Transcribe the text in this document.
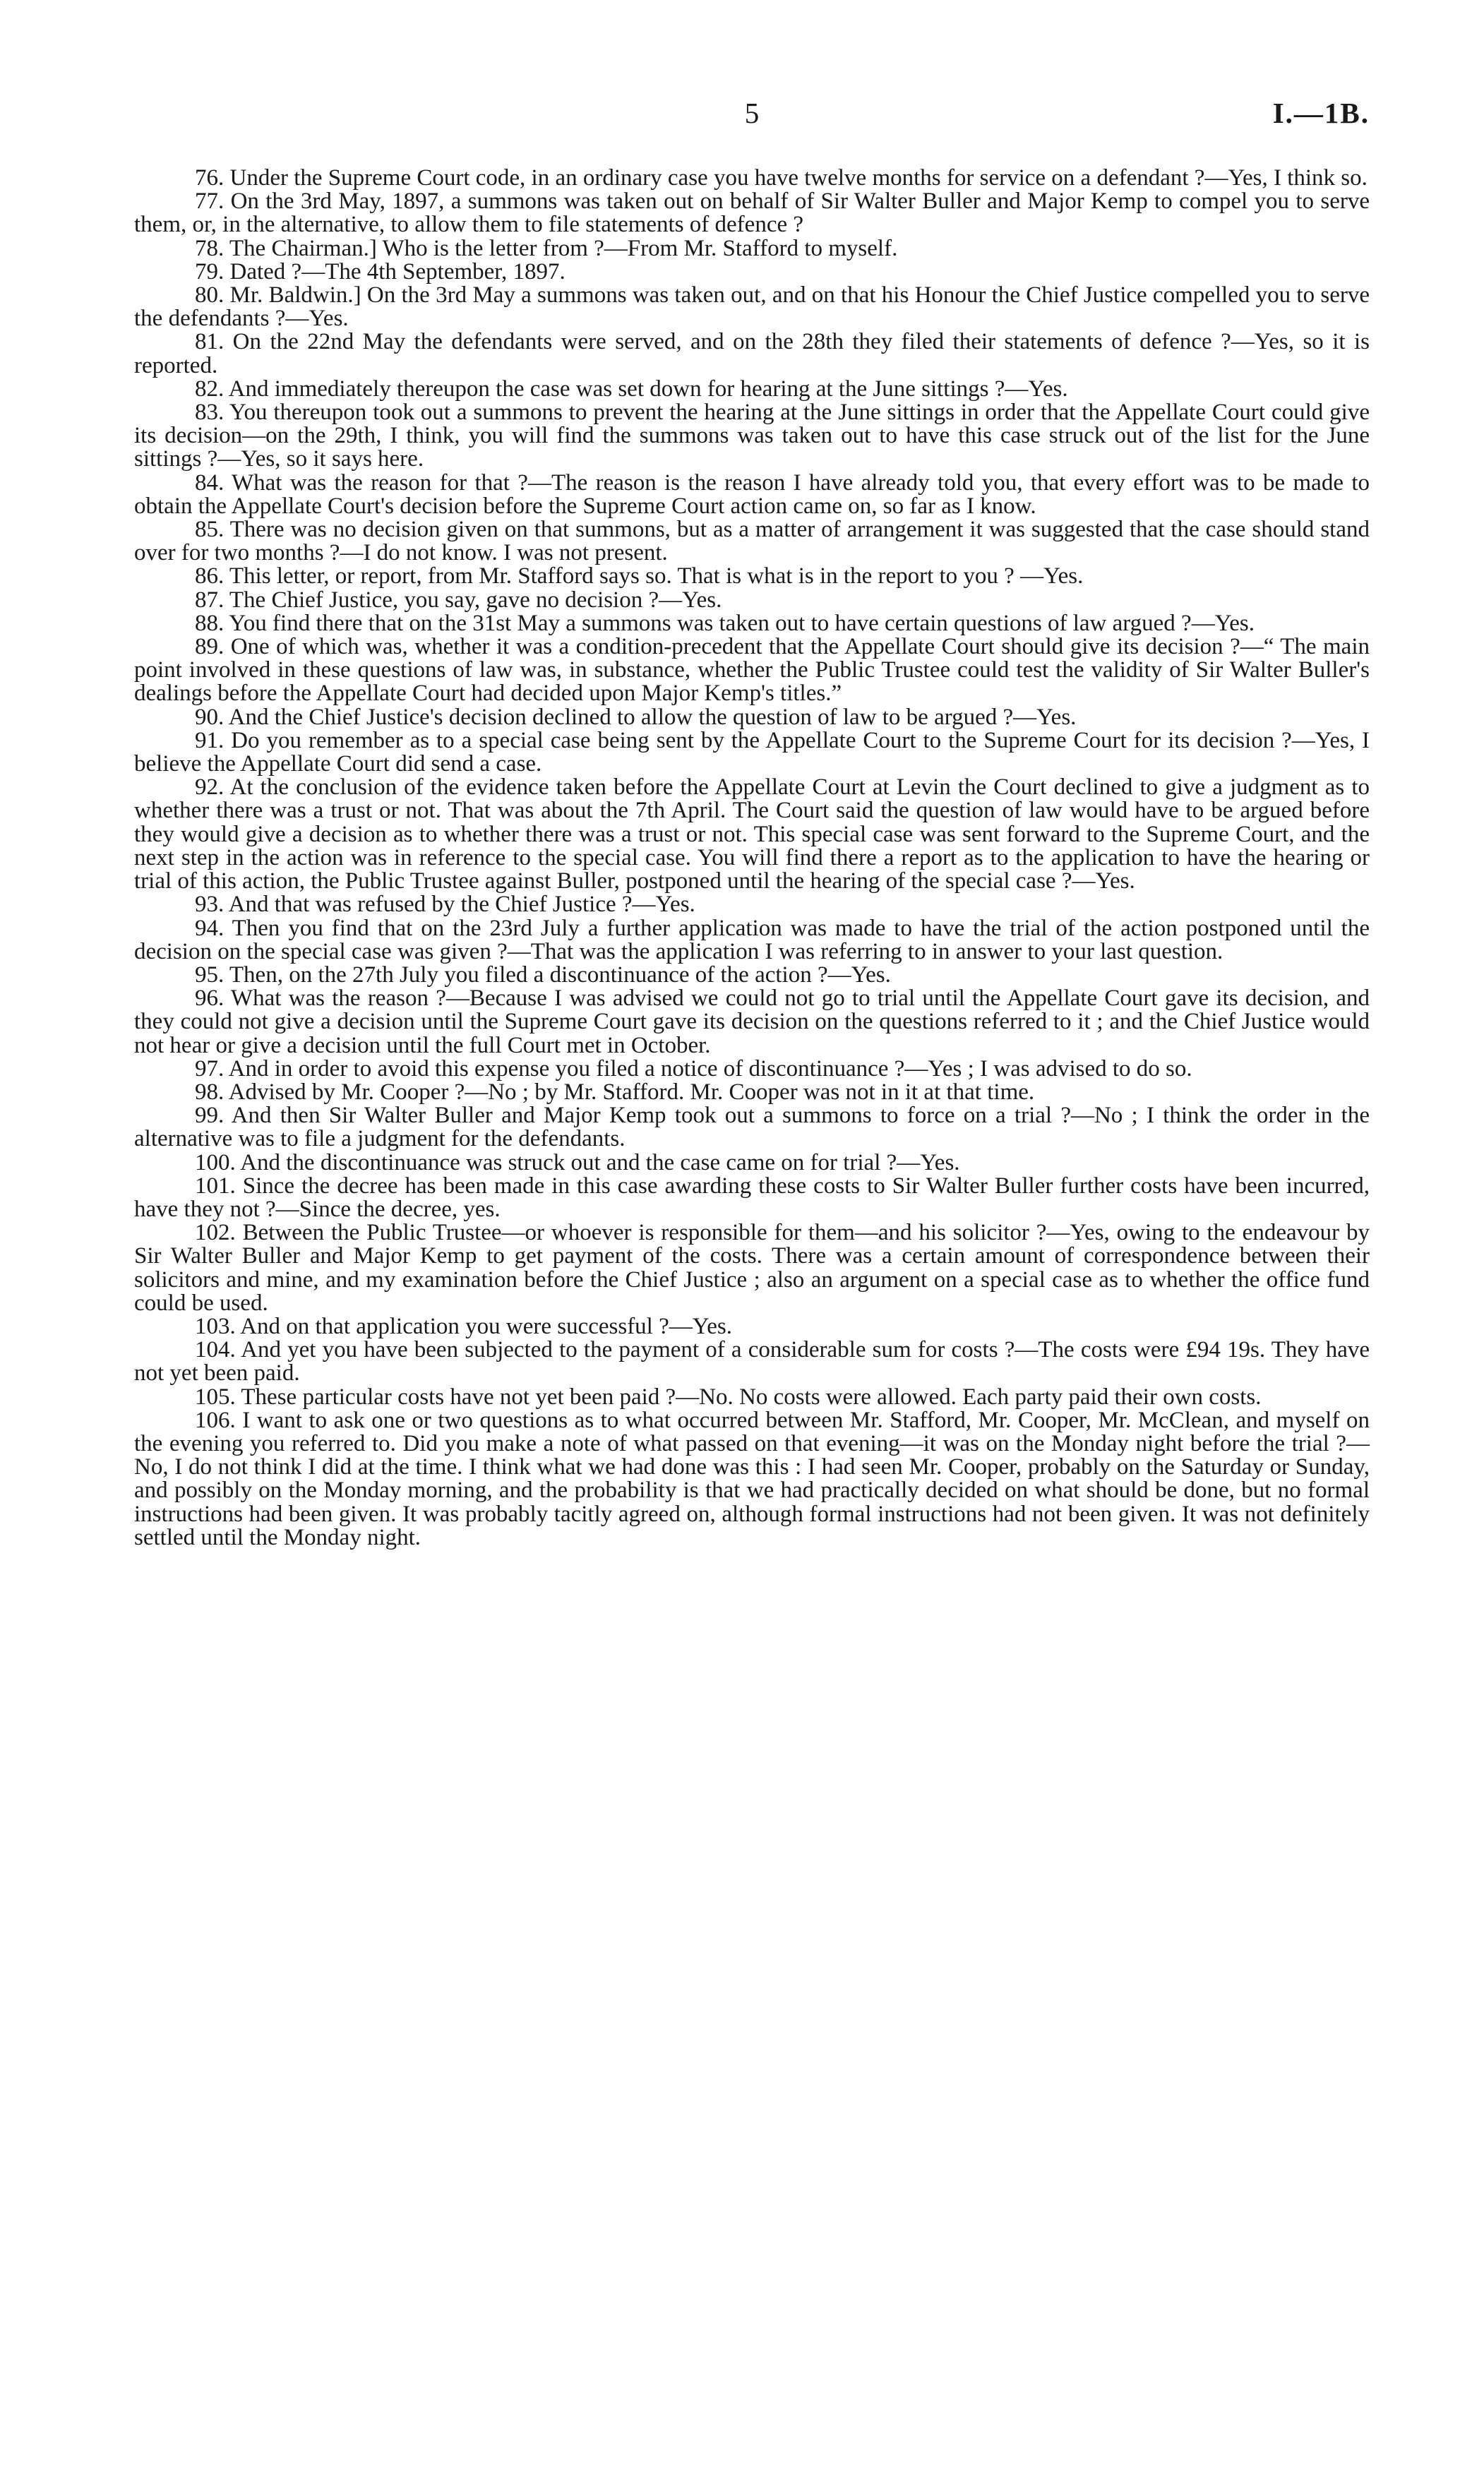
5	I.—1B.

76. Under the Supreme Court code, in an ordinary case you have twelve months for service on a defendant ?—Yes, I think so.

77. On the 3rd May, 1897, a summons was taken out on behalf of Sir Walter Buller and Major Kemp to compel you to serve them, or, in the alternative, to allow them to file statements of defence ?

78. The Chairman.] Who is the letter from ?—From Mr. Stafford to myself.

79. Dated ?—The 4th September, 1897.

80. Mr. Baldwin.] On the 3rd May a summons was taken out, and on that his Honour the Chief Justice compelled you to serve the defendants ?—Yes.

81. On the 22nd May the defendants were served, and on the 28th they filed their statements of defence ?—Yes, so it is reported.

82. And immediately thereupon the case was set down for hearing at the June sittings ?—Yes.

83. You thereupon took out a summons to prevent the hearing at the June sittings in order that the Appellate Court could give its decision—on the 29th, I think, you will find the summons was taken out to have this case struck out of the list for the June sittings ?—Yes, so it says here.

84. What was the reason for that ?—The reason is the reason I have already told you, that every effort was to be made to obtain the Appellate Court's decision before the Supreme Court action came on, so far as I know.

85. There was no decision given on that summons, but as a matter of arrangement it was suggested that the case should stand over for two months ?—I do not know. I was not present.

86. This letter, or report, from Mr. Stafford says so. That is what is in the report to you ? —Yes.

87. The Chief Justice, you say, gave no decision ?—Yes.

88. You find there that on the 31st May a summons was taken out to have certain questions of law argued ?—Yes.

89. One of which was, whether it was a condition-precedent that the Appellate Court should give its decision ?—“ The main point involved in these questions of law was, in substance, whether the Public Trustee could test the validity of Sir Walter Buller's dealings before the Appellate Court had decided upon Major Kemp's titles.”

90. And the Chief Justice's decision declined to allow the question of law to be argued ?—Yes.

91. Do you remember as to a special case being sent by the Appellate Court to the Supreme Court for its decision ?—Yes, I believe the Appellate Court did send a case.

92. At the conclusion of the evidence taken before the Appellate Court at Levin the Court declined to give a judgment as to whether there was a trust or not. That was about the 7th April. The Court said the question of law would have to be argued before they would give a decision as to whether there was a trust or not. This special case was sent forward to the Supreme Court, and the next step in the action was in reference to the special case. You will find there a report as to the application to have the hearing or trial of this action, the Public Trustee against Buller, postponed until the hearing of the special case ?—Yes.

93. And that was refused by the Chief Justice ?—Yes.

94. Then you find that on the 23rd July a further application was made to have the trial of the action postponed until the decision on the special case was given ?—That was the application I was referring to in answer to your last question.

95. Then, on the 27th July you filed a discontinuance of the action ?—Yes.

96. What was the reason ?—Because I was advised we could not go to trial until the Appellate Court gave its decision, and they could not give a decision until the Supreme Court gave its decision on the questions referred to it ; and the Chief Justice would not hear or give a decision until the full Court met in October.

97. And in order to avoid this expense you filed a notice of discontinuance ?—Yes ; I was advised to do so.

98. Advised by Mr. Cooper ?—No ; by Mr. Stafford. Mr. Cooper was not in it at that time.

99. And then Sir Walter Buller and Major Kemp took out a summons to force on a trial ?—No ; I think the order in the alternative was to file a judgment for the defendants.

100. And the discontinuance was struck out and the case came on for trial ?—Yes.

101. Since the decree has been made in this case awarding these costs to Sir Walter Buller further costs have been incurred, have they not ?—Since the decree, yes.

102. Between the Public Trustee—or whoever is responsible for them—and his solicitor ?—Yes, owing to the endeavour by Sir Walter Buller and Major Kemp to get payment of the costs. There was a certain amount of correspondence between their solicitors and mine, and my examination before the Chief Justice ; also an argument on a special case as to whether the office fund could be used.

103. And on that application you were successful ?—Yes.

104. And yet you have been subjected to the payment of a considerable sum for costs ?—The costs were £94 19s. They have not yet been paid.

105. These particular costs have not yet been paid ?—No. No costs were allowed. Each party paid their own costs.

106. I want to ask one or two questions as to what occurred between Mr. Stafford, Mr. Cooper, Mr. McClean, and myself on the evening you referred to. Did you make a note of what passed on that evening—it was on the Monday night before the trial ?—No, I do not think I did at the time. I think what we had done was this : I had seen Mr. Cooper, probably on the Saturday or Sunday, and possibly on the Monday morning, and the probability is that we had practically decided on what should be done, but no formal instructions had been given. It was probably tacitly agreed on, although formal instructions had not been given. It was not definitely settled until the Monday night.
